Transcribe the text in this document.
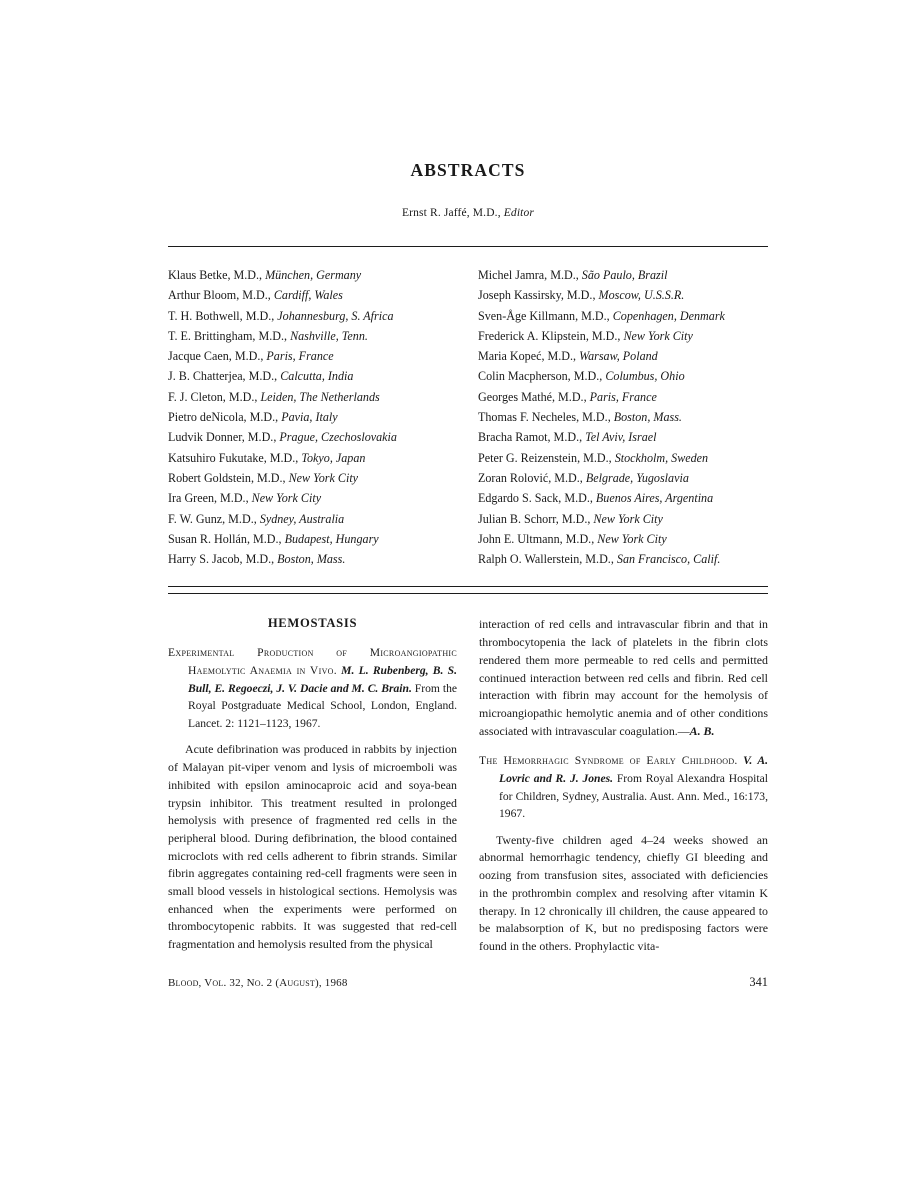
ABSTRACTS
Ernst R. Jaffé, M.D., Editor
Klaus Betke, M.D., München, Germany
Arthur Bloom, M.D., Cardiff, Wales
T. H. Bothwell, M.D., Johannesburg, S. Africa
T. E. Brittingham, M.D., Nashville, Tenn.
Jacque Caen, M.D., Paris, France
J. B. Chatterjea, M.D., Calcutta, India
F. J. Cleton, M.D., Leiden, The Netherlands
Pietro deNicola, M.D., Pavia, Italy
Ludvik Donner, M.D., Prague, Czechoslovakia
Katsuhiro Fukutake, M.D., Tokyo, Japan
Robert Goldstein, M.D., New York City
Ira Green, M.D., New York City
F. W. Gunz, M.D., Sydney, Australia
Susan R. Hollán, M.D., Budapest, Hungary
Harry S. Jacob, M.D., Boston, Mass.
Michel Jamra, M.D., São Paulo, Brazil
Joseph Kassirsky, M.D., Moscow, U.S.S.R.
Sven-Åge Killmann, M.D., Copenhagen, Denmark
Frederick A. Klipstein, M.D., New York City
Maria Kopeć, M.D., Warsaw, Poland
Colin Macpherson, M.D., Columbus, Ohio
Georges Mathé, M.D., Paris, France
Thomas F. Necheles, M.D., Boston, Mass.
Bracha Ramot, M.D., Tel Aviv, Israel
Peter G. Reizenstein, M.D., Stockholm, Sweden
Zoran Rolović, M.D., Belgrade, Yugoslavia
Edgardo S. Sack, M.D., Buenos Aires, Argentina
Julian B. Schorr, M.D., New York City
John E. Ultmann, M.D., New York City
Ralph O. Wallerstein, M.D., San Francisco, Calif.
HEMOSTASIS

Experimental Production of Microangiopathic Haemolytic Anaemia in Vivo. M. L. Rubenberg, B. S. Bull, E. Regoeczi, J. V. Dacie and M. C. Brain. From the Royal Postgraduate Medical School, London, England. Lancet. 2: 1121–1123, 1967.

Acute defibrination was produced in rabbits by injection of Malayan pit-viper venom and lysis of microemboli was inhibited with epsilon aminocaproic acid and soya-bean trypsin inhibitor. This treatment resulted in prolonged hemolysis with presence of fragmented red cells in the peripheral blood. During defibrination, the blood contained microclots with red cells adherent to fibrin strands. Similar fibrin aggregates containing red-cell fragments were seen in small blood vessels in histological sections. Hemolysis was enhanced when the experiments were performed on thrombocytopenic rabbits. It was suggested that red-cell fragmentation and hemolysis resulted from the physical

interaction of red cells and intravascular fibrin and that in thrombocytopenia the lack of platelets in the fibrin clots rendered them more permeable to red cells and permitted continued interaction between red cells and fibrin. Red cell interaction with fibrin may account for the hemolysis of microangiopathic hemolytic anemia and of other conditions associated with intravascular coagulation.—A. B.

The Hemorrhagic Syndrome of Early Childhood. V. A. Lovric and R. J. Jones. From Royal Alexandra Hospital for Children, Sydney, Australia. Aust. Ann. Med., 16:173, 1967.

Twenty-five children aged 4–24 weeks showed an abnormal hemorrhagic tendency, chiefly GI bleeding and oozing from transfusion sites, associated with deficiencies in the prothrombin complex and resolving after vitamin K therapy. In 12 chronically ill children, the cause appeared to be malabsorption of K, but no predisposing factors were found in the others. Prophylactic vita-

Blood, Vol. 32, No. 2 (August), 1968	341
